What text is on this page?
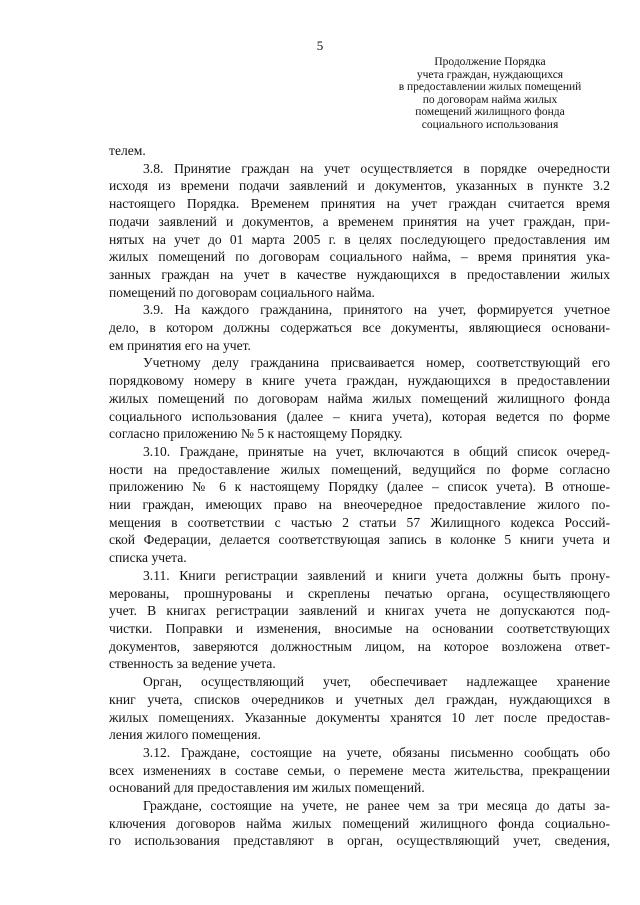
5
Продолжение Порядка
учета граждан, нуждающихся
в предоставлении жилых помещений
по договорам найма жилых
помещений жилищного фонда
социального использования
телем.
3.8. Принятие граждан на учет осуществляется в порядке очередности
исходя из времени подачи заявлений и документов, указанных в пункте 3.2
настоящего Порядка. Временем принятия на учет граждан считается время
подачи заявлений и документов, а временем принятия на учет граждан, при-
нятых на учет до 01 марта 2005 г. в целях последующего предоставления им
жилых помещений по договорам социального найма, – время принятия ука-
занных граждан на учет в качестве нуждающихся в предоставлении жилых
помещений по договорам социального найма.
3.9. На каждого гражданина, принятого на учет, формируется учетное
дело, в котором должны содержаться все документы, являющиеся основани-
ем принятия его на учет.
Учетному делу гражданина присваивается номер, соответствующий его
порядковому номеру в книге учета граждан, нуждающихся в предоставлении
жилых помещений по договорам найма жилых помещений жилищного фонда
социального использования (далее – книга учета), которая ведется по форме
согласно приложению № 5 к настоящему Порядку.
3.10. Граждане, принятые на учет, включаются в общий список очеред-
ности на предоставление жилых помещений, ведущийся по форме согласно
приложению № 6 к настоящему Порядку (далее – список учета). В отноше-
нии граждан, имеющих право на внеочередное предоставление жилого по-
мещения в соответствии с частью 2 статьи 57 Жилищного кодекса Россий-
ской Федерации, делается соответствующая запись в колонке 5 книги учета и
списка учета.
3.11. Книги регистрации заявлений и книги учета должны быть прону-
мерованы, прошнурованы и скреплены печатью органа, осуществляющего
учет. В книгах регистрации заявлений и книгах учета не допускаются под-
чистки. Поправки и изменения, вносимые на основании соответствующих
документов, заверяются должностным лицом, на которое возложена ответ-
ственность за ведение учета.
Орган, осуществляющий учет, обеспечивает надлежащее хранение
книг учета, списков очередников и учетных дел граждан, нуждающихся в
жилых помещениях. Указанные документы хранятся 10 лет после предостав-
ления жилого помещения.
3.12. Граждане, состоящие на учете, обязаны письменно сообщать обо
всех изменениях в составе семьи, о перемене места жительства, прекращении
оснований для предоставления им жилых помещений.
Граждане, состоящие на учете, не ранее чем за три месяца до даты за-
ключения договоров найма жилых помещений жилищного фонда социально-
го использования представляют в орган, осуществляющий учет, сведения,
